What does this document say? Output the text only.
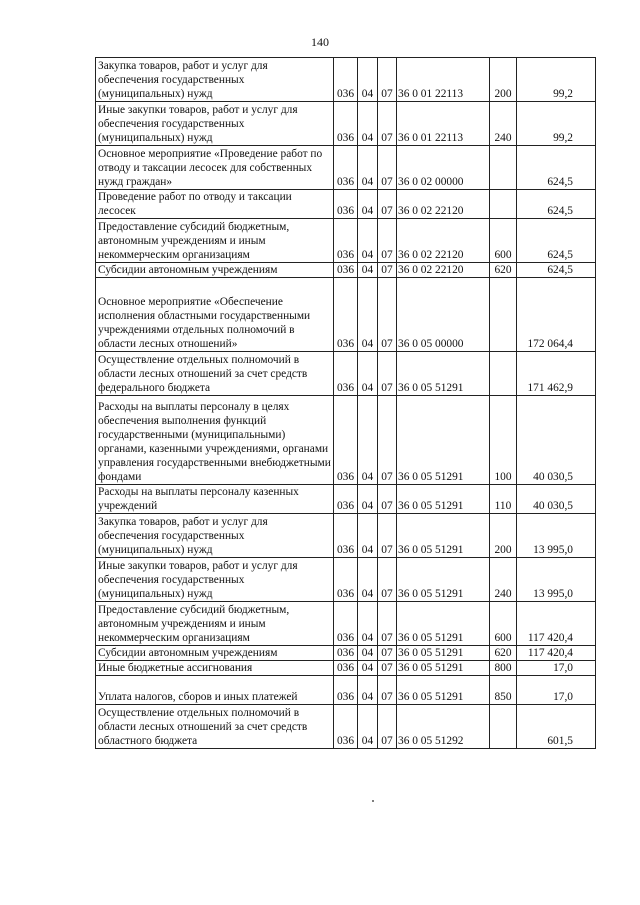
140
Закупка товаров, работ и услуг для обеспечения государственных (муниципальных) нужд	036	04	07	36 0 01 22113	200	99,2
Иные закупки товаров, работ и услуг для обеспечения государственных (муниципальных) нужд	036	04	07	36 0 01 22113	240	99,2
Основное мероприятие «Проведение работ по отводу и таксации лесосек для собственных нужд граждан»	036	04	07	36 0 02 00000		624,5
Проведение работ по отводу и таксации лесосек	036	04	07	36 0 02 22120		624,5
Предоставление субсидий бюджетным, автономным учреждениям и иным некоммерческим организациям	036	04	07	36 0 02 22120	600	624,5
Субсидии автономным учреждениям	036	04	07	36 0 02 22120	620	624,5
Основное мероприятие «Обеспечение исполнения областными государственными учреждениями отдельных полномочий в области лесных отношений»	036	04	07	36 0 05 00000		172 064,4
Осуществление отдельных полномочий в области лесных отношений за счет средств федерального бюджета	036	04	07	36 0 05 51291		171 462,9
Расходы на выплаты персоналу в целях обеспечения выполнения функций государственными (муниципальными) органами, казенными учреждениями, органами управления государственными внебюджетными фондами	036	04	07	36 0 05 51291	100	40 030,5
Расходы на выплаты персоналу казенных учреждений	036	04	07	36 0 05 51291	110	40 030,5
Закупка товаров, работ и услуг для обеспечения государственных (муниципальных) нужд	036	04	07	36 0 05 51291	200	13 995,0
Иные закупки товаров, работ и услуг для обеспечения государственных (муниципальных) нужд	036	04	07	36 0 05 51291	240	13 995,0
Предоставление субсидий бюджетным, автономным учреждениям и иным некоммерческим организациям	036	04	07	36 0 05 51291	600	117 420,4
Субсидии автономным учреждениям	036	04	07	36 0 05 51291	620	117 420,4
Иные бюджетные ассигнования	036	04	07	36 0 05 51291	800	17,0
Уплата налогов, сборов и иных платежей	036	04	07	36 0 05 51291	850	17,0
Осуществление отдельных полномочий в области лесных отношений за счет средств областного бюджета	036	04	07	36 0 05 51292		601,5
